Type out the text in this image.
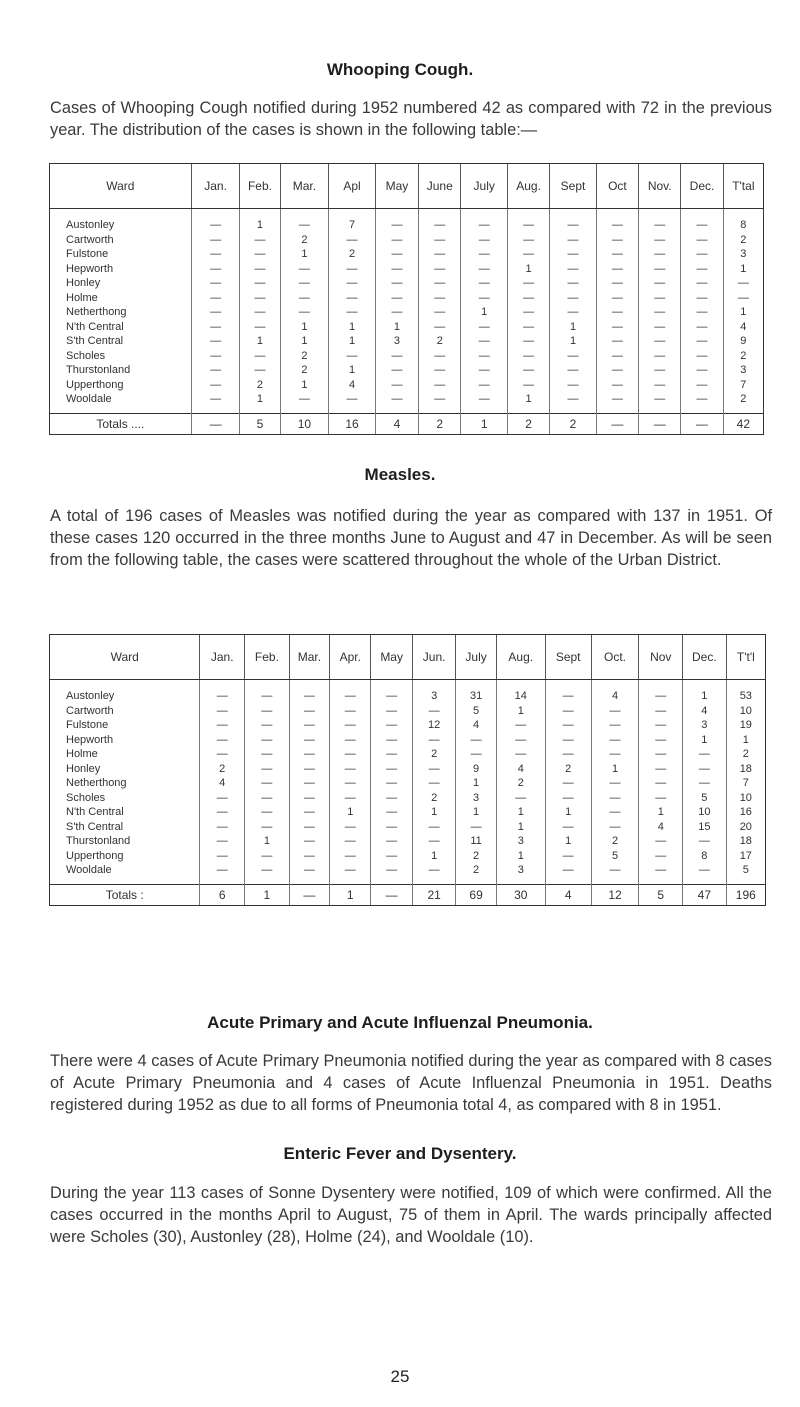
Whooping Cough.

Cases of Whooping Cough notified during 1952 numbered 42 as compared with 72 in the previous year. The distribution of the cases is shown in the following table:—

Ward	Jan.	Feb.	Mar.	Apl	May	June	July	Aug.	Sept	Oct	Nov.	Dec.	T'tal
Austonley	—	1	—	7	—	—	—	—	—	—	—	—	8
Cartworth	—	—	2	—	—	—	—	—	—	—	—	—	2
Fulstone	—	—	1	2	—	—	—	—	—	—	—	—	3
Hepworth	—	—	—	—	—	—	—	1	—	—	—	—	1
Honley	—	—	—	—	—	—	—	—	—	—	—	—	—
Holme	—	—	—	—	—	—	—	—	—	—	—	—	—
Netherthong	—	—	—	—	—	—	1	—	—	—	—	—	1
N'th Central	—	—	1	1	1	—	—	—	1	—	—	—	4
S'th Central	—	1	1	1	3	2	—	—	1	—	—	—	9
Scholes	—	—	2	—	—	—	—	—	—	—	—	—	2
Thurstonland	—	—	2	1	—	—	—	—	—	—	—	—	3
Upperthong	—	2	1	4	—	—	—	—	—	—	—	—	7
Wooldale	—	1	—	—	—	—	—	1	—	—	—	—	2
Totals ....	—	5	10	16	4	2	1	2	2	—	—	—	42
Measles.

A total of 196 cases of Measles was notified during the year as compared with 137 in 1951. Of these cases 120 occurred in the three months June to August and 47 in December. As will be seen from the following table, the cases were scattered throughout the whole of the Urban District.

Ward	Jan.	Feb.	Mar.	Apr.	May	Jun.	July	Aug.	Sept	Oct.	Nov	Dec.	T't'l
Austonley	—	—	—	—	—	3	31	14	—	4	—	1	53
Cartworth	—	—	—	—	—	—	5	1	—	—	—	4	10
Fulstone	—	—	—	—	—	12	4	—	—	—	—	3	19
Hepworth	—	—	—	—	—	—	—	—	—	—	—	1	1
Holme	—	—	—	—	—	2	—	—	—	—	—	—	2
Honley	2	—	—	—	—	—	9	4	2	1	—	—	18
Netherthong	4	—	—	—	—	—	1	2	—	—	—	—	7
Scholes	—	—	—	—	—	2	3	—	—	—	—	5	10
N'th Central	—	—	—	1	—	1	1	1	1	—	1	10	16
S'th Central	—	—	—	—	—	—	—	1	—	—	4	15	20
Thurstonland	—	1	—	—	—	—	11	3	1	2	—	—	18
Upperthong	—	—	—	—	—	1	2	1	—	5	—	8	17
Wooldale	—	—	—	—	—	—	2	3	—	—	—	—	5
Totals :	6	1	—	1	—	21	69	30	4	12	5	47	196
Acute Primary and Acute Influenzal Pneumonia.

There were 4 cases of Acute Primary Pneumonia notified during the year as compared with 8 cases of Acute Primary Pneumonia and 4 cases of Acute Influenzal Pneumonia in 1951. Deaths registered during 1952 as due to all forms of Pneumonia total 4, as compared with 8 in 1951.

Enteric Fever and Dysentery.

During the year 113 cases of Sonne Dysentery were notified, 109 of which were confirmed. All the cases occurred in the months April to August, 75 of them in April. The wards principally affected were Scholes (30), Austonley (28), Holme (24), and Wooldale (10).

25
